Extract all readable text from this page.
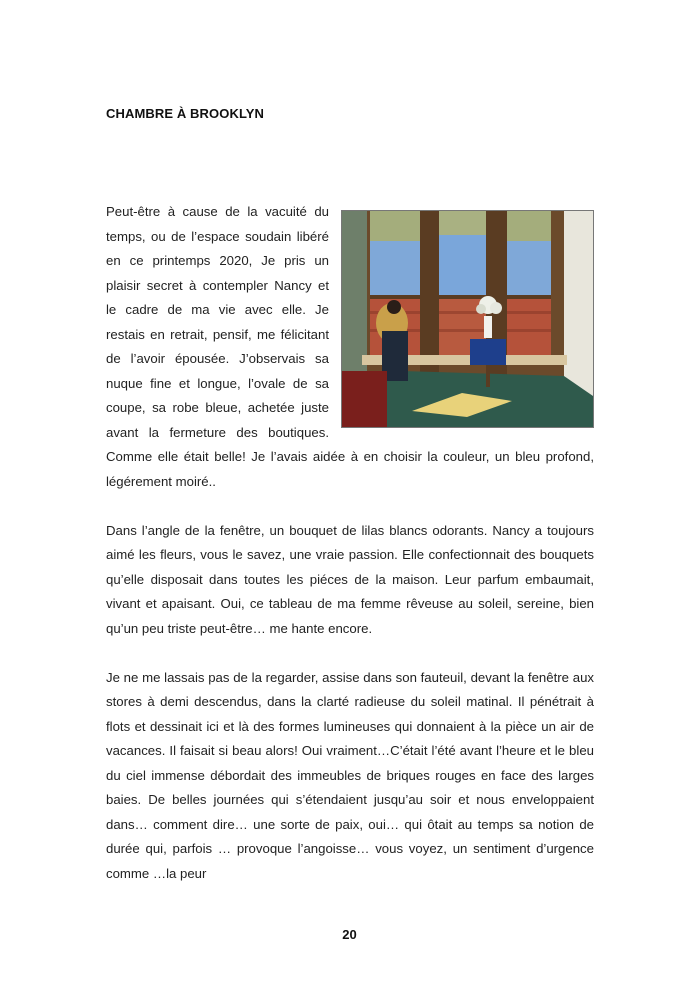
CHAMBRE À BROOKLYN

Peut-être à cause de la vacuité du temps, ou de l’espace soudain libéré en ce printemps 2020, Je pris un plaisir secret à contempler Nancy et le cadre de ma vie avec elle. Je restais en retrait, pensif, me félicitant de l’avoir épousée. J’observais sa nuque fine et longue, l’ovale de sa coupe, sa robe bleue, achetée juste avant la fermeture des boutiques. Comme elle était belle! Je l’avais aidée à en choisir la couleur, un bleu profond, légérement moiré..

Dans l’angle de la fenêtre, un bouquet de lilas blancs odorants. Nancy a toujours aimé les fleurs, vous le savez, une vraie passion. Elle confectionnait des bouquets qu’elle disposait dans toutes les piéces de la maison. Leur parfum embaumait, vivant et apaisant. Oui, ce tableau de ma femme rêveuse au soleil, sereine, bien qu’un peu triste peut-être… me hante encore.

Je ne me lassais pas de la regarder, assise dans son fauteuil, devant la fenêtre aux stores à demi descendus, dans la clarté radieuse du soleil matinal. Il pénétrait à flots et dessinait ici et là des formes lumineuses qui donnaient à la pièce un air de vacances. Il faisait si beau alors! Oui vraiment…C’était l’été avant l’heure et le bleu du ciel immense débordait des immeubles de briques rouges en face des larges baies. De belles journées qui s’étendaient jusqu’au soir et nous enveloppaient dans… comment dire… une sorte de paix, oui… qui ôtait au temps sa notion de durée qui, parfois … provoque l’angoisse… vous voyez, un sentiment d’urgence comme …la peur

20
